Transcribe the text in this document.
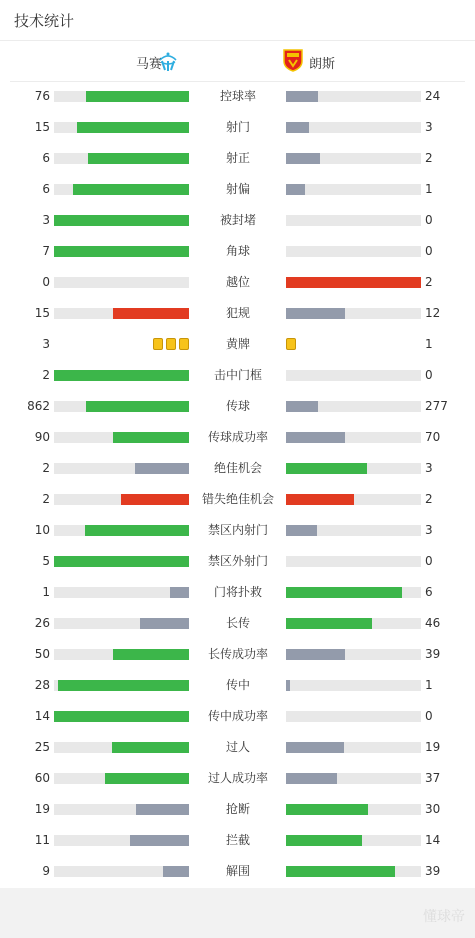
技术统计
马赛	朗斯
76	控球率	24
15	射门	3
6	射正	2
6	射偏	1
3	被封堵	0
7	角球	0
0	越位	2
15	犯规	12
3	黄牌	1
2	击中门框	0
862	传球	277
90	传球成功率	70
2	绝佳机会	3
2	错失绝佳机会	2
10	禁区内射门	3
5	禁区外射门	0
1	门将扑救	6
26	长传	46
50	长传成功率	39
28	传中	1
14	传中成功率	0
25	过人	19
60	过人成功率	37
19	抢断	30
11	拦截	14
9	解围	39
懂球帝
